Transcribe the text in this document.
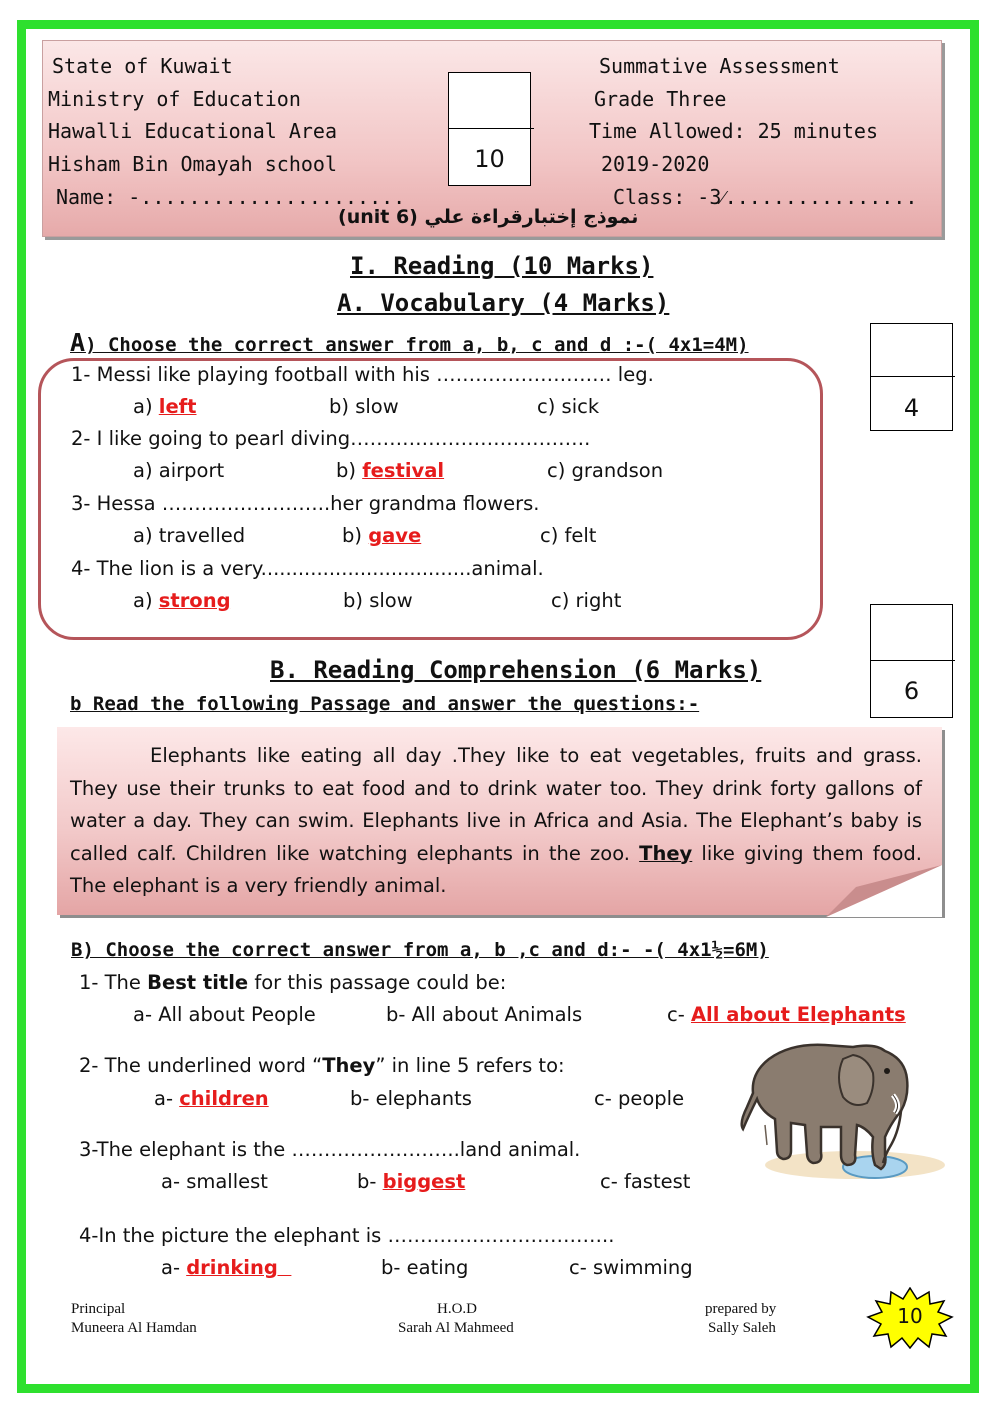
State of Kuwait
Ministry of Education
Hawalli Educational Area
Hisham Bin Omayah school
Summative Assessment
Grade Three
Time Allowed: 25 minutes
2019-2020
Name: -......................	Class: -3⁄................
10
نموذج إختبارقراءة علي (unit 6)
I. Reading (10 Marks)
A. Vocabulary (4 Marks)
A) Choose the correct answer from a, b, c and d :-( 4x1=4M)
4
1- Messi like playing football with his ……………………… leg.
a) left	b) slow	c) sick
2- I like going to pearl diving……………………………….
a) airport	b) festival	c) grandson
3- Hessa ……………………..her grandma flowers.
a) travelled	b) gave	c) felt
4- The lion is a very..................................animal.
a) strong	b) slow	c) right
6
B. Reading Comprehension (6 Marks)
b Read the following Passage and answer the questions:-
Elephants like eating all day .They like to eat vegetables, fruits and grass. They use their trunks to eat food and to drink water too. They drink forty gallons of water a day. They can swim. Elephants live in Africa and Asia. The Elephant’s baby is called calf. Children like watching elephants in the zoo. They like giving them food. The elephant is a very friendly animal.
B) Choose the correct answer from a, b ,c and d:- -( 4x1½=6M)
1- The Best title for this passage could be:
a- All about People	b- All about Animals	c- All about Elephants
2- The underlined word “They” in line 5 refers to:
a- children	b- elephants	c- people
3-The elephant is the ……………………..land animal.
a- smallest	b- biggest	c- fastest
4-In the picture the elephant is ……………………………..
a- drinking	b- eating	c- swimming
Principal
Muneera Al Hamdan
H.O.D
Sarah Al Mahmeed
prepared by
Sally Saleh	10
